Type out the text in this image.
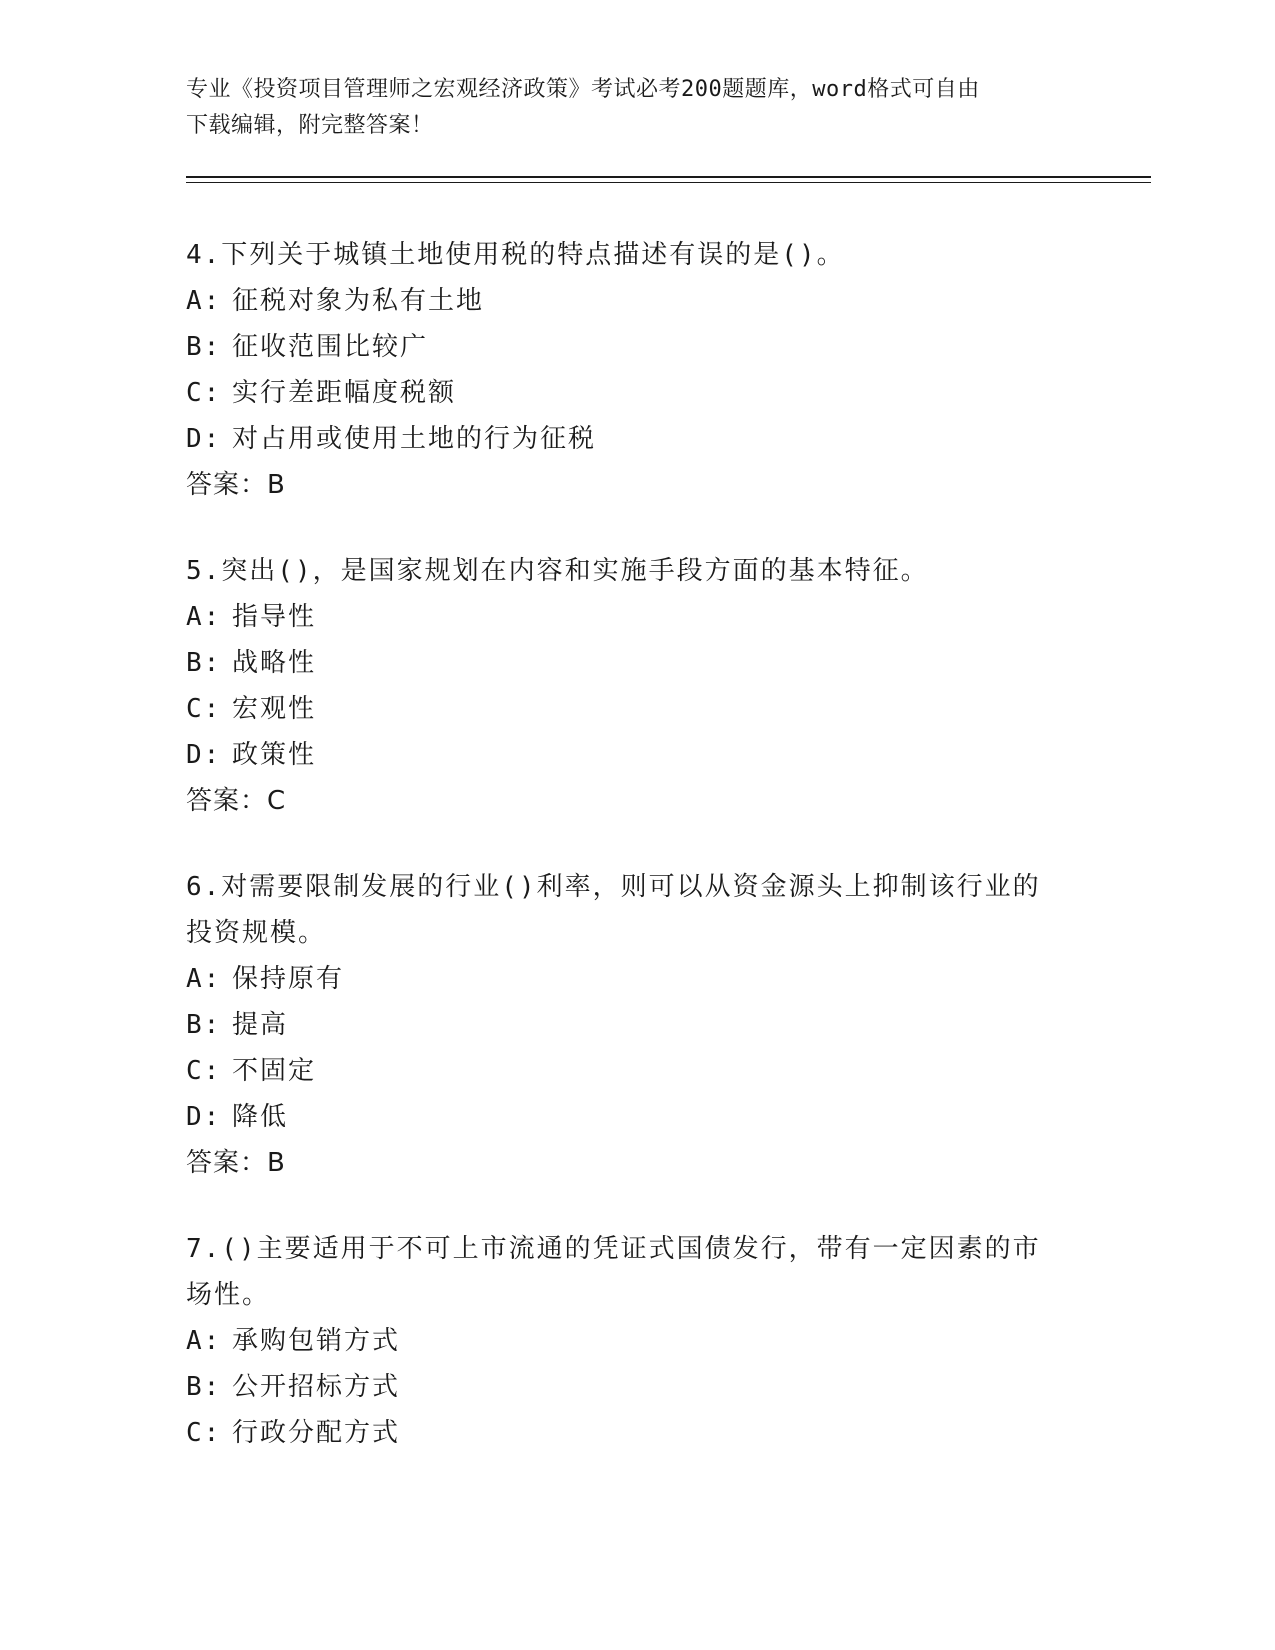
专业《投资项目管理师之宏观经济政策》考试必考200题题库，word格式可自由
下载编辑，附完整答案！
4.下列关于城镇土地使用税的特点描述有误的是()。
A: 征税对象为私有土地
B: 征收范围比较广
C: 实行差距幅度税额
D: 对占用或使用土地的行为征税
答案：B
5.突出()，是国家规划在内容和实施手段方面的基本特征。
A: 指导性
B: 战略性
C: 宏观性
D: 政策性
答案：C
6.对需要限制发展的行业()利率，则可以从资金源头上抑制该行业的投资规模。
A: 保持原有
B: 提高
C: 不固定
D: 降低
答案：B
7.()主要适用于不可上市流通的凭证式国债发行，带有一定因素的市场性。
A: 承购包销方式
B: 公开招标方式
C: 行政分配方式
